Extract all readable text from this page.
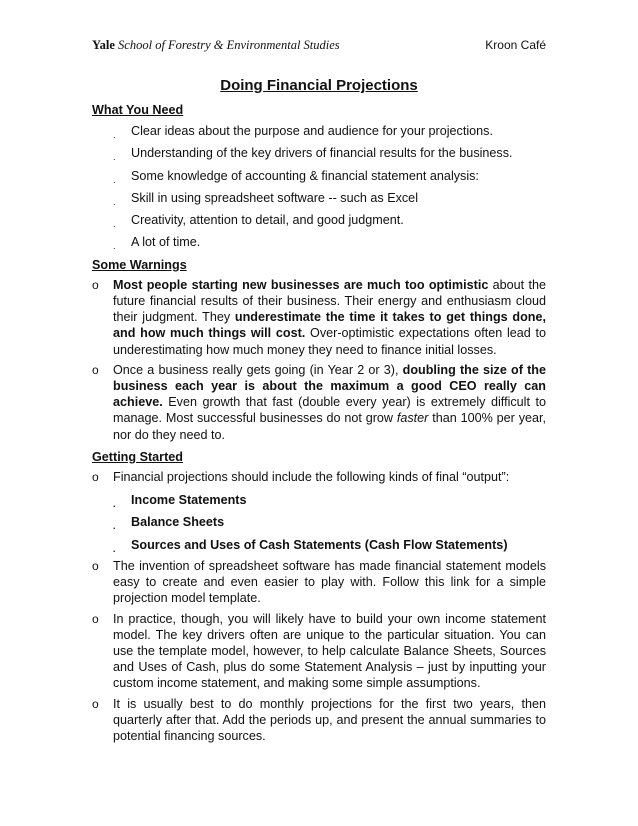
Yale School of Forestry & Environmental Studies	Kroon Café
Doing Financial Projections
What You Need
. Clear ideas about the purpose and audience for your projections.
. Understanding of the key drivers of financial results for the business.
. Some knowledge of accounting & financial statement analysis:
. Skill in using spreadsheet software -- such as Excel
. Creativity, attention to detail, and good judgment.
. A lot of time.
Some Warnings
o Most people starting new businesses are much too optimistic about the future financial results of their business. Their energy and enthusiasm cloud their judgment. They underestimate the time it takes to get things done, and how much things will cost. Over-optimistic expectations often lead to underestimating how much money they need to finance initial losses.
o Once a business really gets going (in Year 2 or 3), doubling the size of the business each year is about the maximum a good CEO really can achieve. Even growth that fast (double every year) is extremely difficult to manage. Most successful businesses do not grow faster than 100% per year, nor do they need to.
Getting Started
o Financial projections should include the following kinds of final “output”:
. Income Statements
. Balance Sheets
. Sources and Uses of Cash Statements (Cash Flow Statements)
o The invention of spreadsheet software has made financial statement models easy to create and even easier to play with. Follow this link for a simple projection model template.
o In practice, though, you will likely have to build your own income statement model. The key drivers often are unique to the particular situation. You can use the template model, however, to help calculate Balance Sheets, Sources and Uses of Cash, plus do some Statement Analysis – just by inputting your custom income statement, and making some simple assumptions.
o It is usually best to do monthly projections for the first two years, then quarterly after that. Add the periods up, and present the annual summaries to potential financing sources.
